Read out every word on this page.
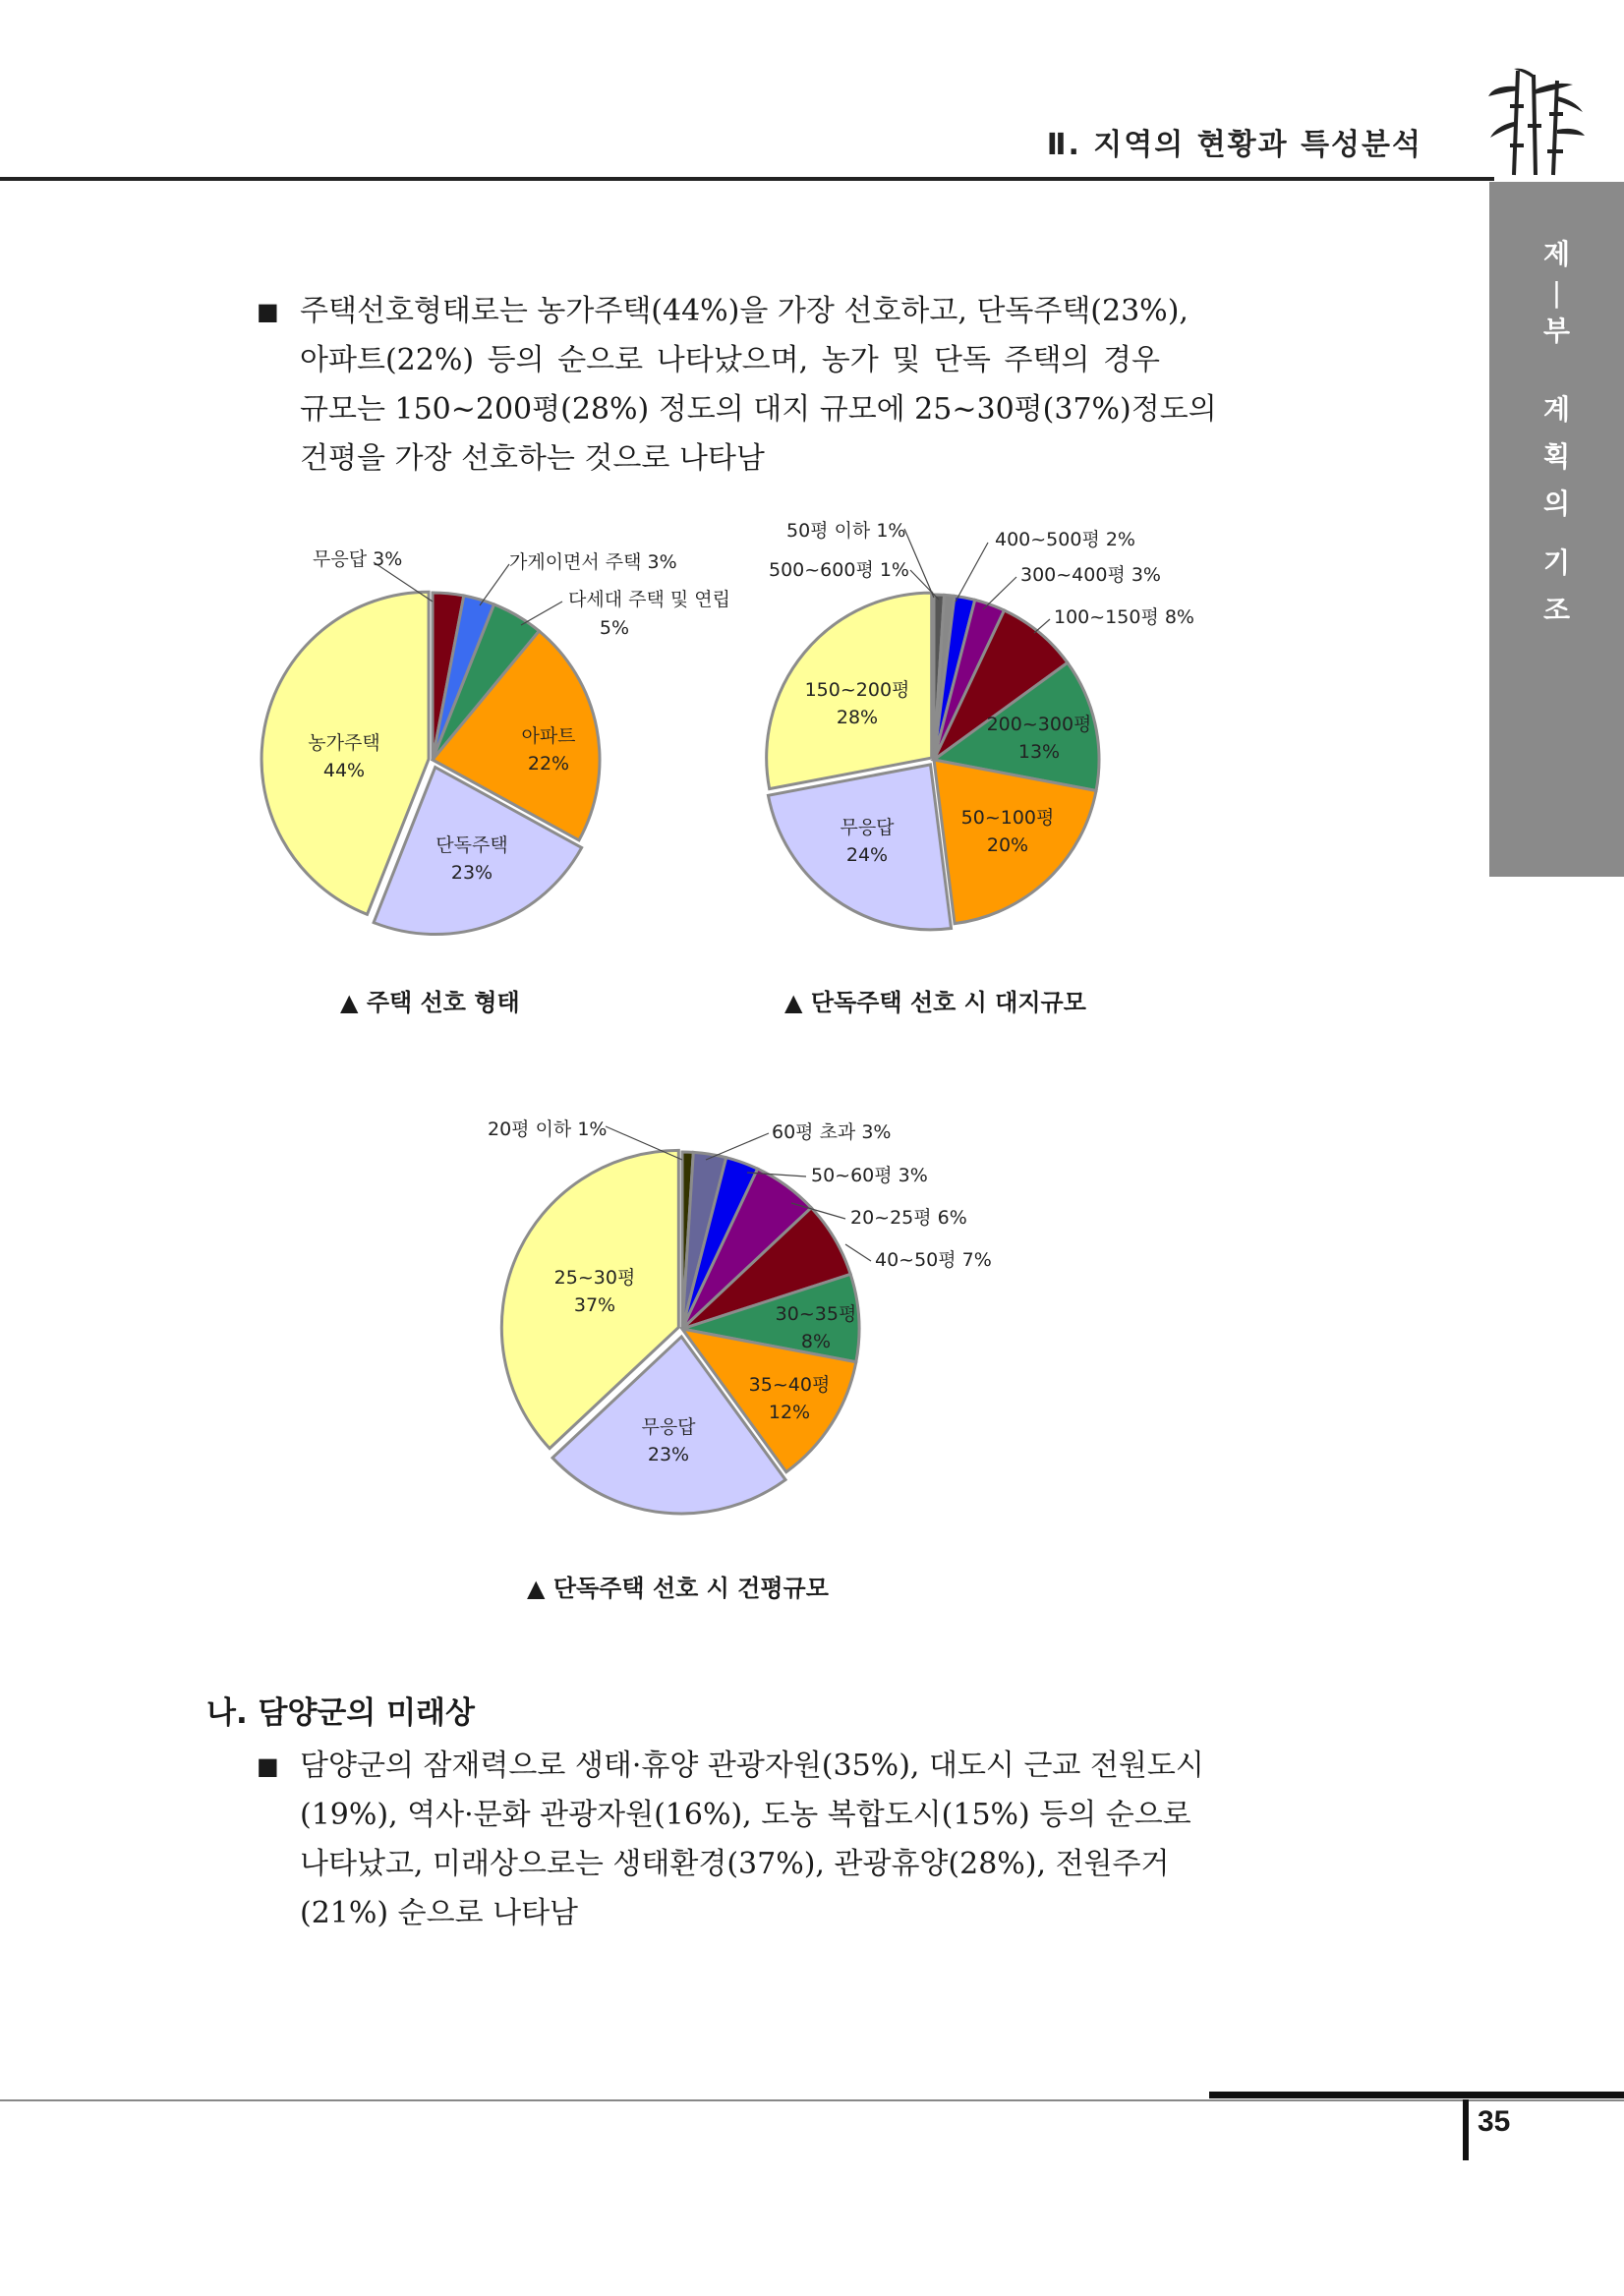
Ⅱ. 지역의 현황과 특성분석
제
|
부
계
획
의
기
조
■ 주택선호형태로는 농가주택(44%)을 가장 선호하고, 단독주택(23%),
아파트(22%) 등의 순으로 나타났으며, 농가 및 단독 주택의 경우
규모는 150~200평(28%) 정도의 대지 규모에 25~30평(37%)정도의
건평을 가장 선호하는 것으로 나타남
아파트
22%
단독주택
23%
농가주택
44%
무응답 3%	가게이면서 주택 3%
다세대 주택 및 연립
5%
200~300평
13%
50~100평
20%
무응답
24%
150~200평
28%
50평 이하 1%
500~600평 1%
400~500평 2%
300~400평 3%
100~150평 8%
30~35평
8%
35~40평
12%
무응답
23%
25~30평
37%
20평 이하 1%	60평 초과 3%
50~60평 3%
20~25평 6%
40~50평 7%
▲ 주택 선호 형태	▲ 단독주택 선호 시 대지규모
▲ 단독주택 선호 시 건평규모
나. 담양군의 미래상
■ 담양군의 잠재력으로 생태·휴양 관광자원(35%), 대도시 근교 전원도시
(19%), 역사·문화 관광자원(16%), 도농 복합도시(15%) 등의 순으로
나타났고, 미래상으로는 생태환경(37%), 관광휴양(28%), 전원주거
(21%) 순으로 나타남
35
